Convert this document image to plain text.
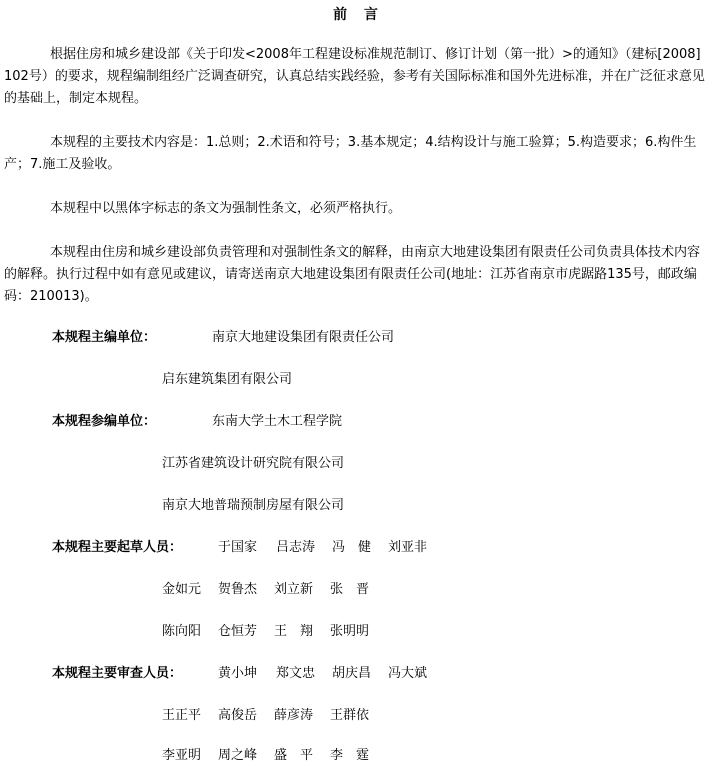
前 言

根据住房和城乡建设部《关于印发<2008年工程建设标准规范制订、修订计划（第一批）>的通知》（建标[2008] 102号）的要求，规程编制组经广泛调查研究，认真总结实践经验，参考有关国际标准和国外先进标准，并在广泛征求意见的基础上，制定本规程。

本规程的主要技术内容是：1.总则；2.术语和符号；3.基本规定；4.结构设计与施工验算；5.构造要求；6.构件生产；7.施工及验收。

本规程中以黑体字标志的条文为强制性条文，必须严格执行。

本规程由住房和城乡建设部负责管理和对强制性条文的解释，由南京大地建设集团有限责任公司负责具体技术内容的解释。执行过程中如有意见或建议，请寄送南京大地建设集团有限责任公司(地址：江苏省南京市虎踞路135号，邮政编码：210013)。

本规程主编单位：	南京大地建设集团有限责任公司
启东建筑集团有限公司
本规程参编单位：	东南大学土木工程学院
江苏省建筑设计研究院有限公司
南京大地普瑞预制房屋有限公司
本规程主要起草人员：	于国家 吕志涛 冯　健 刘亚非
金如元 贺鲁杰 刘立新 张　晋
陈向阳 仓恒芳 王　翔 张明明
本规程主要审查人员：	黄小坤 郑文忠 胡庆昌 冯大斌
王正平 高俊岳 薛彦涛 王群依
李亚明 周之峰 盛　平 李　霆
